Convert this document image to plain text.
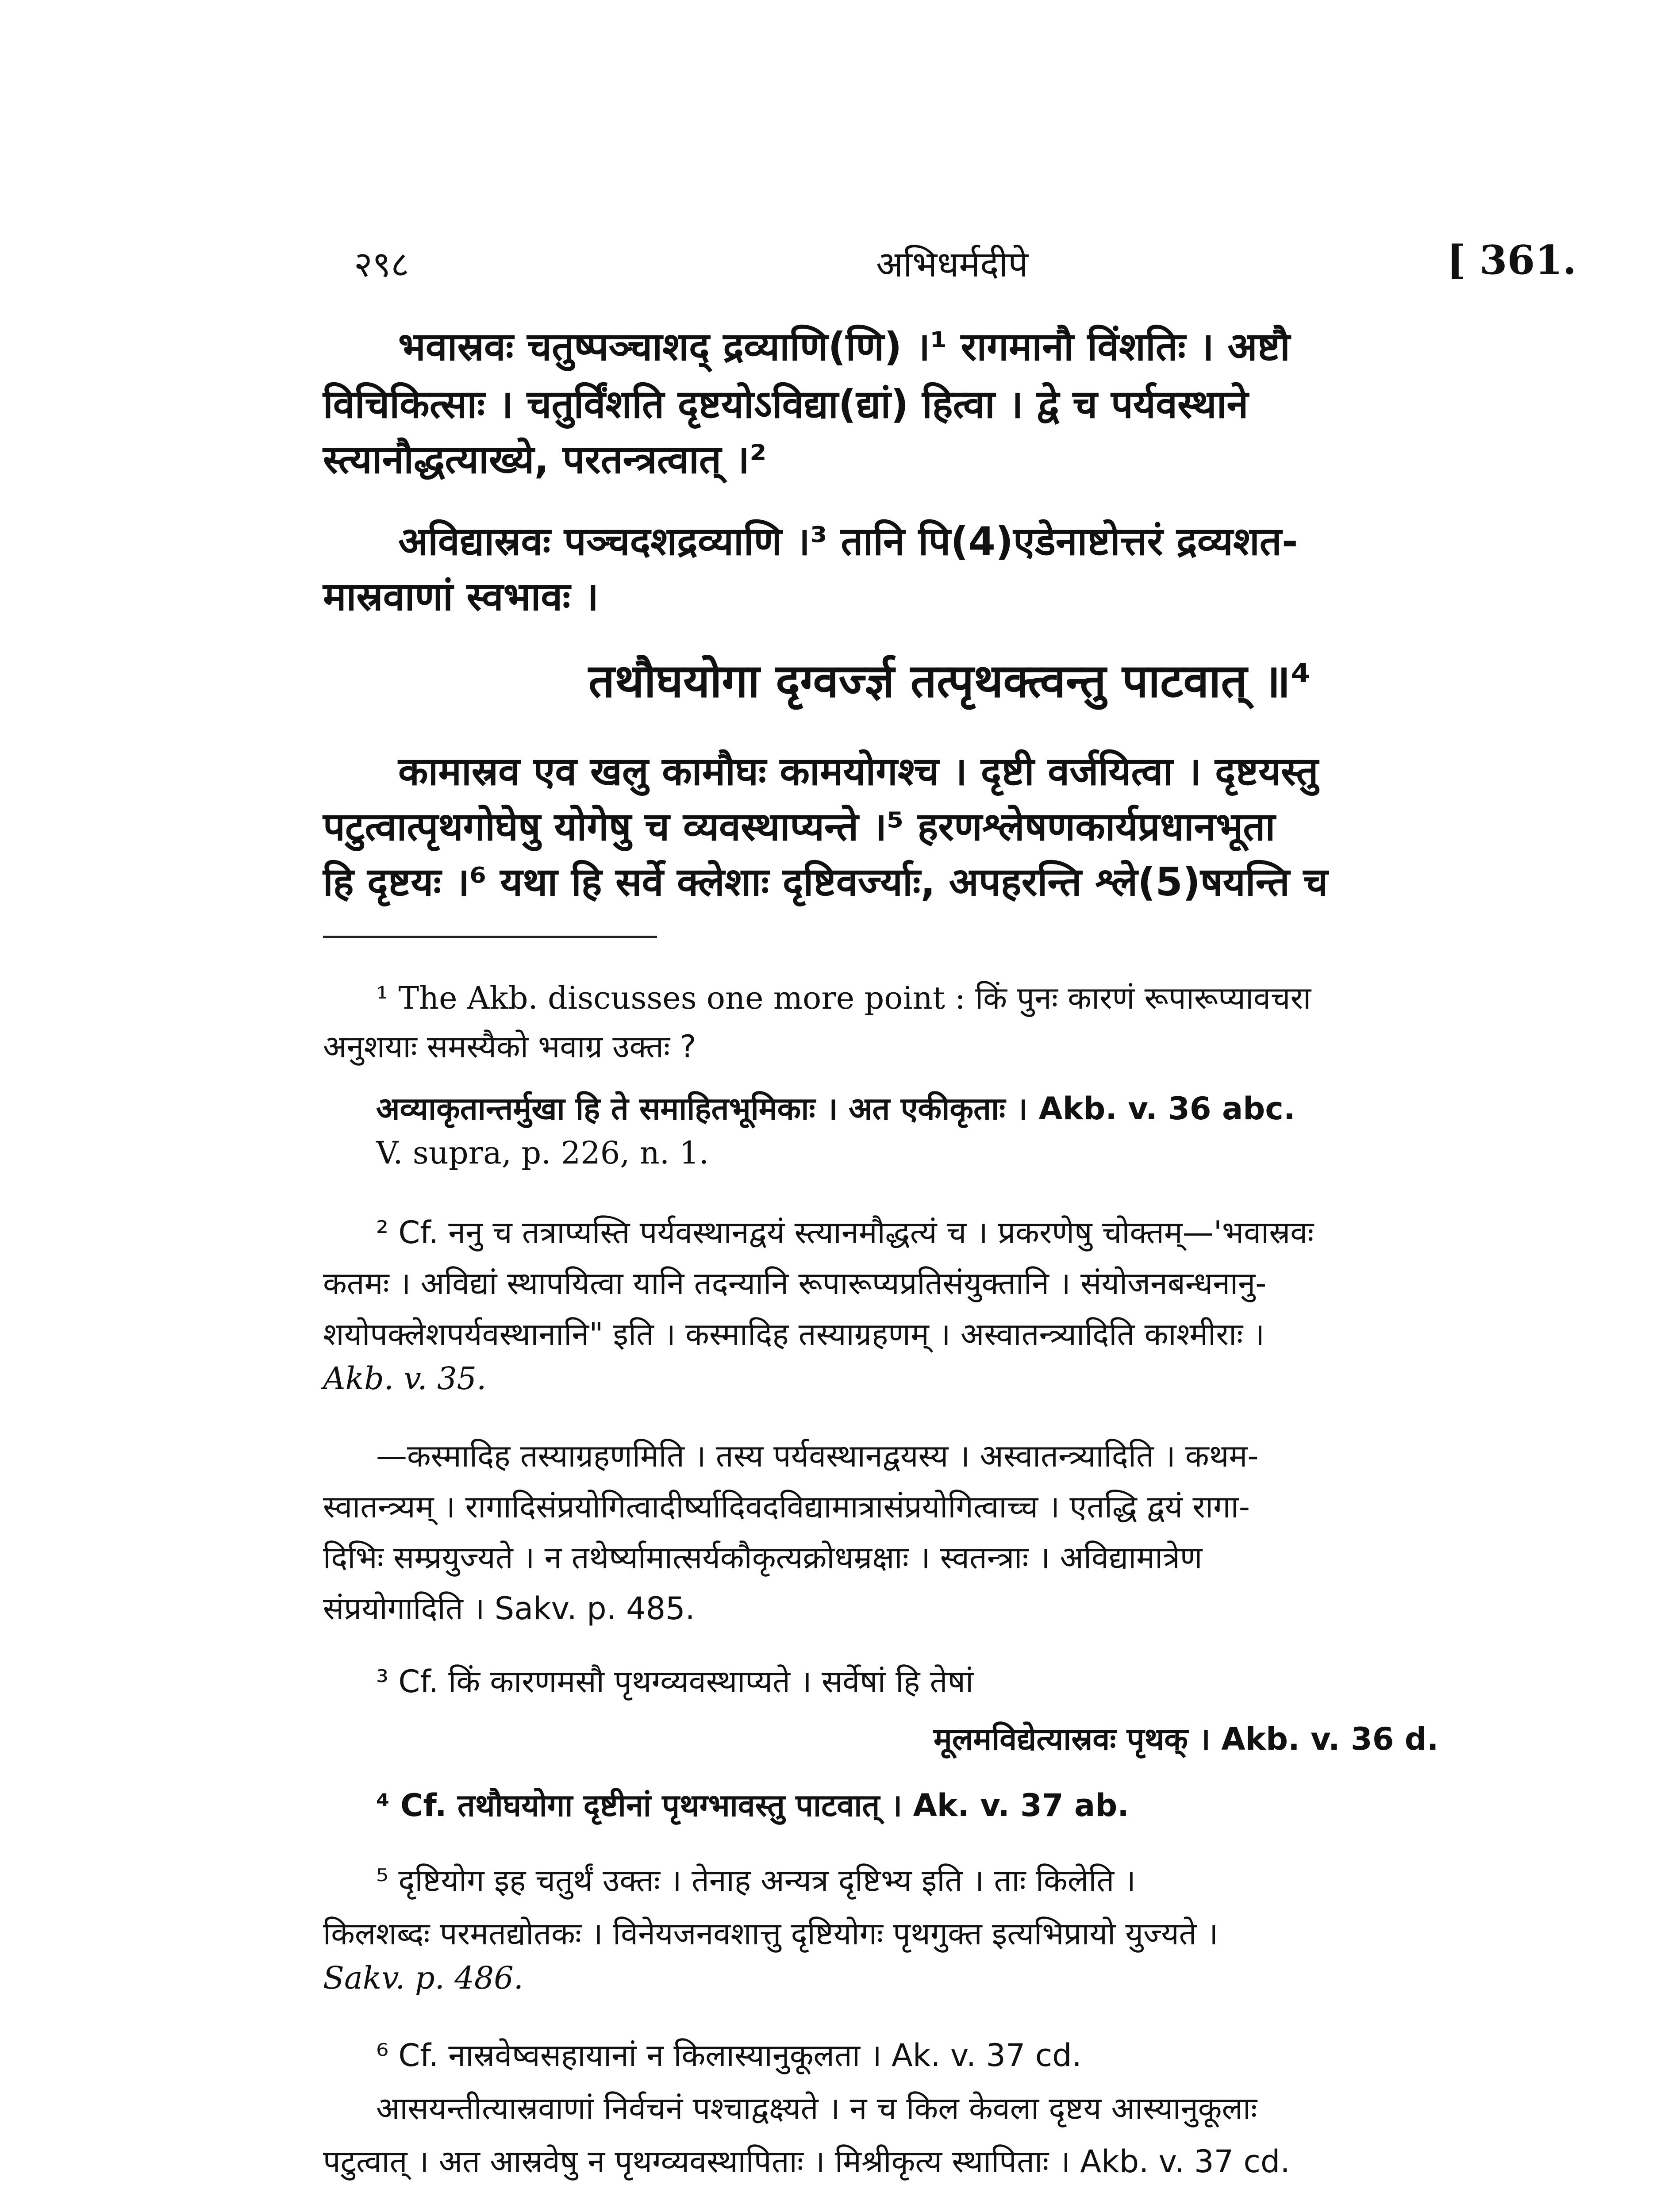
२९८	अभिधर्मदीपे	[ 361.
भवास्रवः चतुष्पञ्चाशद् द्रव्याणि(णि) ।¹ रागमानौ विंशतिः । अष्टौ
विचिकित्साः । चतुर्विंशति दृष्टयोऽविद्या(द्यां) हित्वा । द्वे च पर्यवस्थाने
स्त्यानौद्धत्याख्ये, परतन्त्रत्वात् ।²
अविद्यास्रवः पञ्चदशद्रव्याणि ।³ तानि पि(4)एडेनाष्टोत्तरं द्रव्यशत-
मास्रवाणां स्वभावः ।
तथौघयोगा दृग्वर्ज्ज्ञ तत्पृथक्त्वन्तु पाटवात् ॥⁴
कामास्रव एव खलु कामौघः कामयोगश्च । दृष्टी वर्जयित्वा । दृष्टयस्तु
पटुत्वात्पृथगोघेषु योगेषु च व्यवस्थाप्यन्ते ।⁵ हरणश्लेषणकार्यप्रधानभूता
हि दृष्टयः ।⁶ यथा हि सर्वे क्लेशाः दृष्टिवर्ज्याः, अपहरन्ति श्ले(5)षयन्ति च
¹ The Akb. discusses one more point : किं पुनः कारणं रूपारूप्यावचरा
अनुशयाः समस्यैको भवाग्र उक्तः ?
अव्याकृतान्तर्मुखा हि ते समाहितभूमिकाः । अत एकीकृताः । Akb. v. 36 abc.
V. supra, p. 226, n. 1.
² Cf. ननु च तत्राप्यस्ति पर्यवस्थानद्वयं स्त्यानमौद्धत्यं च । प्रकरणेषु चोक्तम्—'भवास्रवः
कतमः । अविद्यां स्थापयित्वा यानि तदन्यानि रूपारूप्यप्रतिसंयुक्तानि । संयोजनबन्धनानु-
शयोपक्लेशपर्यवस्थानानि" इति । कस्मादिह तस्याग्रहणम् । अस्वातन्त्र्यादिति काश्मीराः ।
Akb. v. 35.
—कस्मादिह तस्याग्रहणमिति । तस्य पर्यवस्थानद्वयस्य । अस्वातन्त्र्यादिति । कथम-
स्वातन्त्र्यम् । रागादिसंप्रयोगित्वादीर्ष्यादिवदविद्यामात्रासंप्रयोगित्वाच्च । एतद्धि द्वयं रागा-
दिभिः सम्प्रयुज्यते । न तथेर्ष्यामात्सर्यकौकृत्यक्रोधम्रक्षाः । स्वतन्त्राः । अविद्यामात्रेण
संप्रयोगादिति । Sakv. p. 485.
³ Cf. किं कारणमसौ पृथग्व्यवस्थाप्यते । सर्वेषां हि तेषां
मूलमविद्येत्यास्रवः पृथक् । Akb. v. 36 d.
⁴ Cf. तथौघयोगा दृष्टीनां पृथग्भावस्तु पाटवात् । Ak. v. 37 ab.
⁵ दृष्टियोग इह चतुर्थं उक्तः । तेनाह अन्यत्र दृष्टिभ्य इति । ताः किलेति ।
किलशब्दः परमतद्योतकः । विनेयजनवशात्तु दृष्टियोगः पृथगुक्त इत्यभिप्रायो युज्यते ।
Sakv. p. 486.
⁶ Cf. नास्रवेष्वसहायानां न किलास्यानुकूलता । Ak. v. 37 cd.
आसयन्तीत्यास्रवाणां निर्वचनं पश्चाद्वक्ष्यते । न च किल केवला दृष्टय आस्यानुकूलाः
पटुत्वात् । अत आस्रवेषु न पृथग्व्यवस्थापिताः । मिश्रीकृत्य स्थापिताः । Akb. v. 37 cd.
